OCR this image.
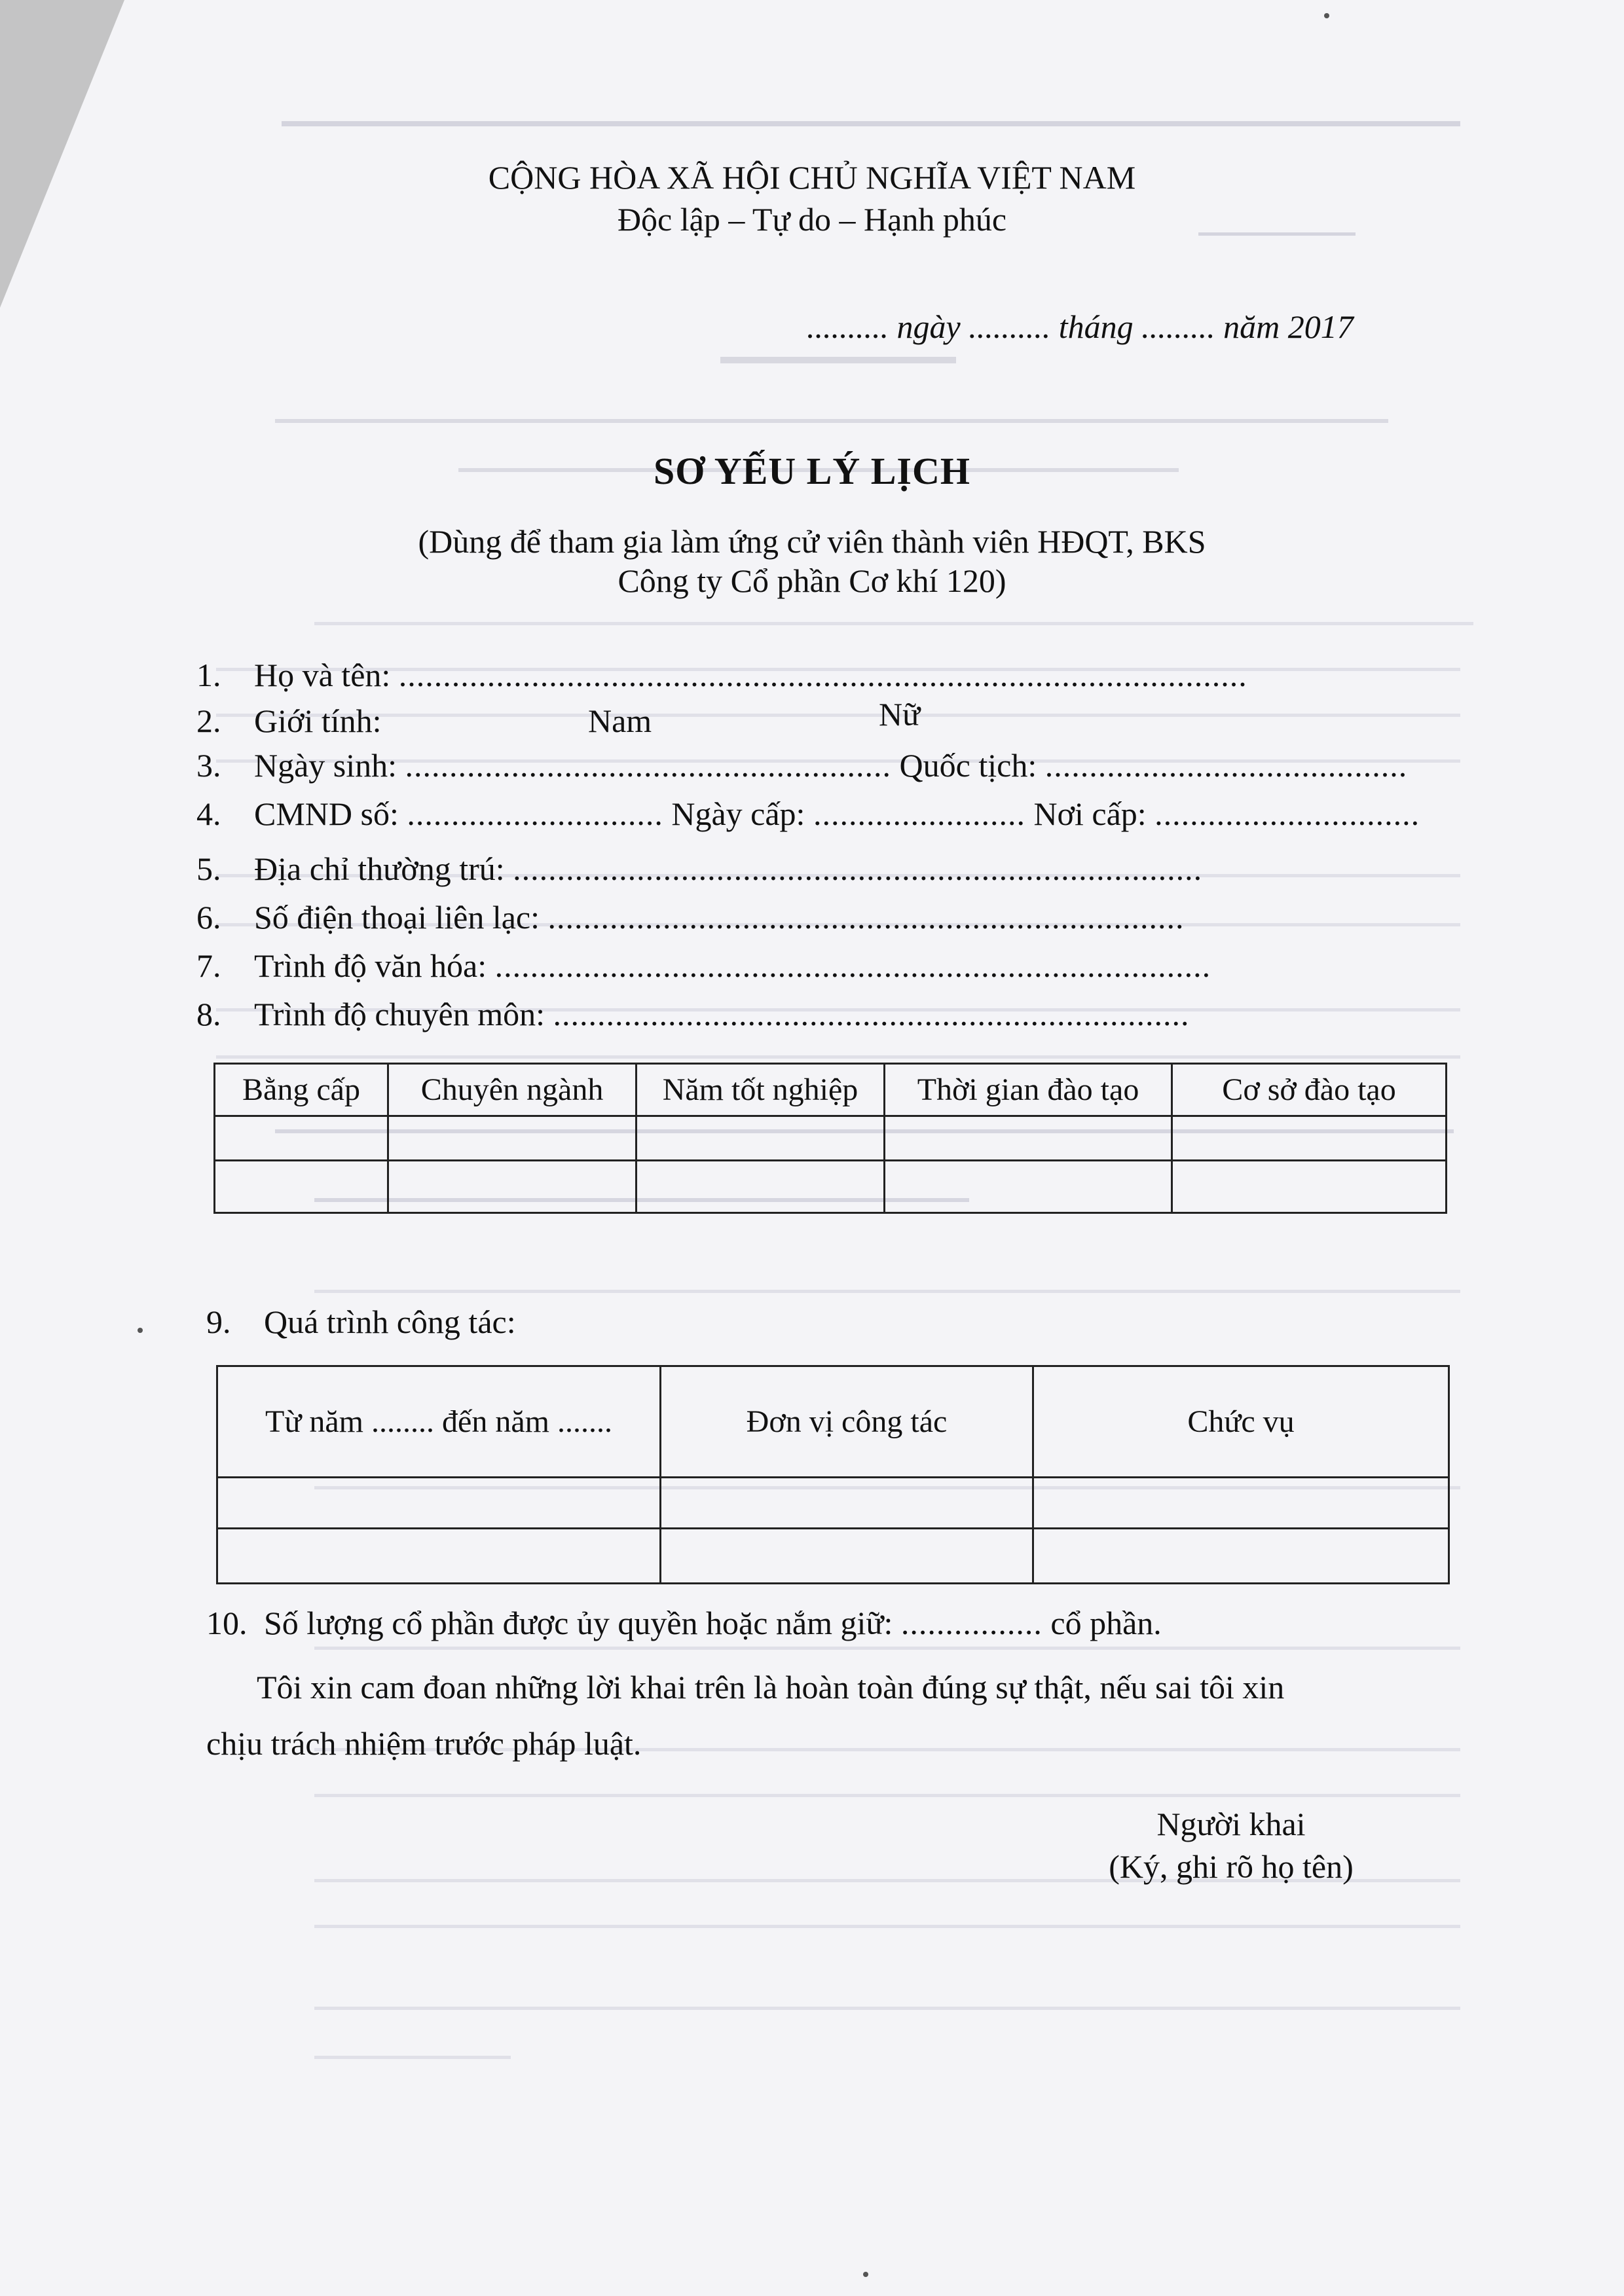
CỘNG HÒA XÃ HỘI CHỦ NGHĨA VIỆT NAM
Độc lập – Tự do – Hạnh phúc
.......... ngày .......... tháng ......... năm 2017
SƠ YẾU LÝ LỊCH
(Dùng để tham gia làm ứng cử viên thành viên HĐQT, BKS
Công ty Cổ phần Cơ khí 120)
1. Họ và tên: ................................................................................................
2. Giới tính:	Nam	Nữ
3. Ngày sinh: ....................................................... Quốc tịch: .........................................
4. CMND số: ............................. Ngày cấp: ........................ Nơi cấp: ..............................
5. Địa chỉ thường trú: ..............................................................................
6. Số điện thoại liên lạc: ........................................................................
7. Trình độ văn hóa: .................................................................................
8. Trình độ chuyên môn: ........................................................................
Bằng cấp	Chuyên ngành	Năm tốt nghiệp	Thời gian đào tạo	Cơ sở đào tạo

9. Quá trình công tác:
Từ năm ........ đến năm .......	Đơn vị công tác	Chức vụ

10. Số lượng cổ phần được ủy quyền hoặc nắm giữ: ................ cổ phần.
Tôi xin cam đoan những lời khai trên là hoàn toàn đúng sự thật, nếu sai tôi xin
chịu trách nhiệm trước pháp luật.
Người khai
(Ký, ghi rõ họ tên)
